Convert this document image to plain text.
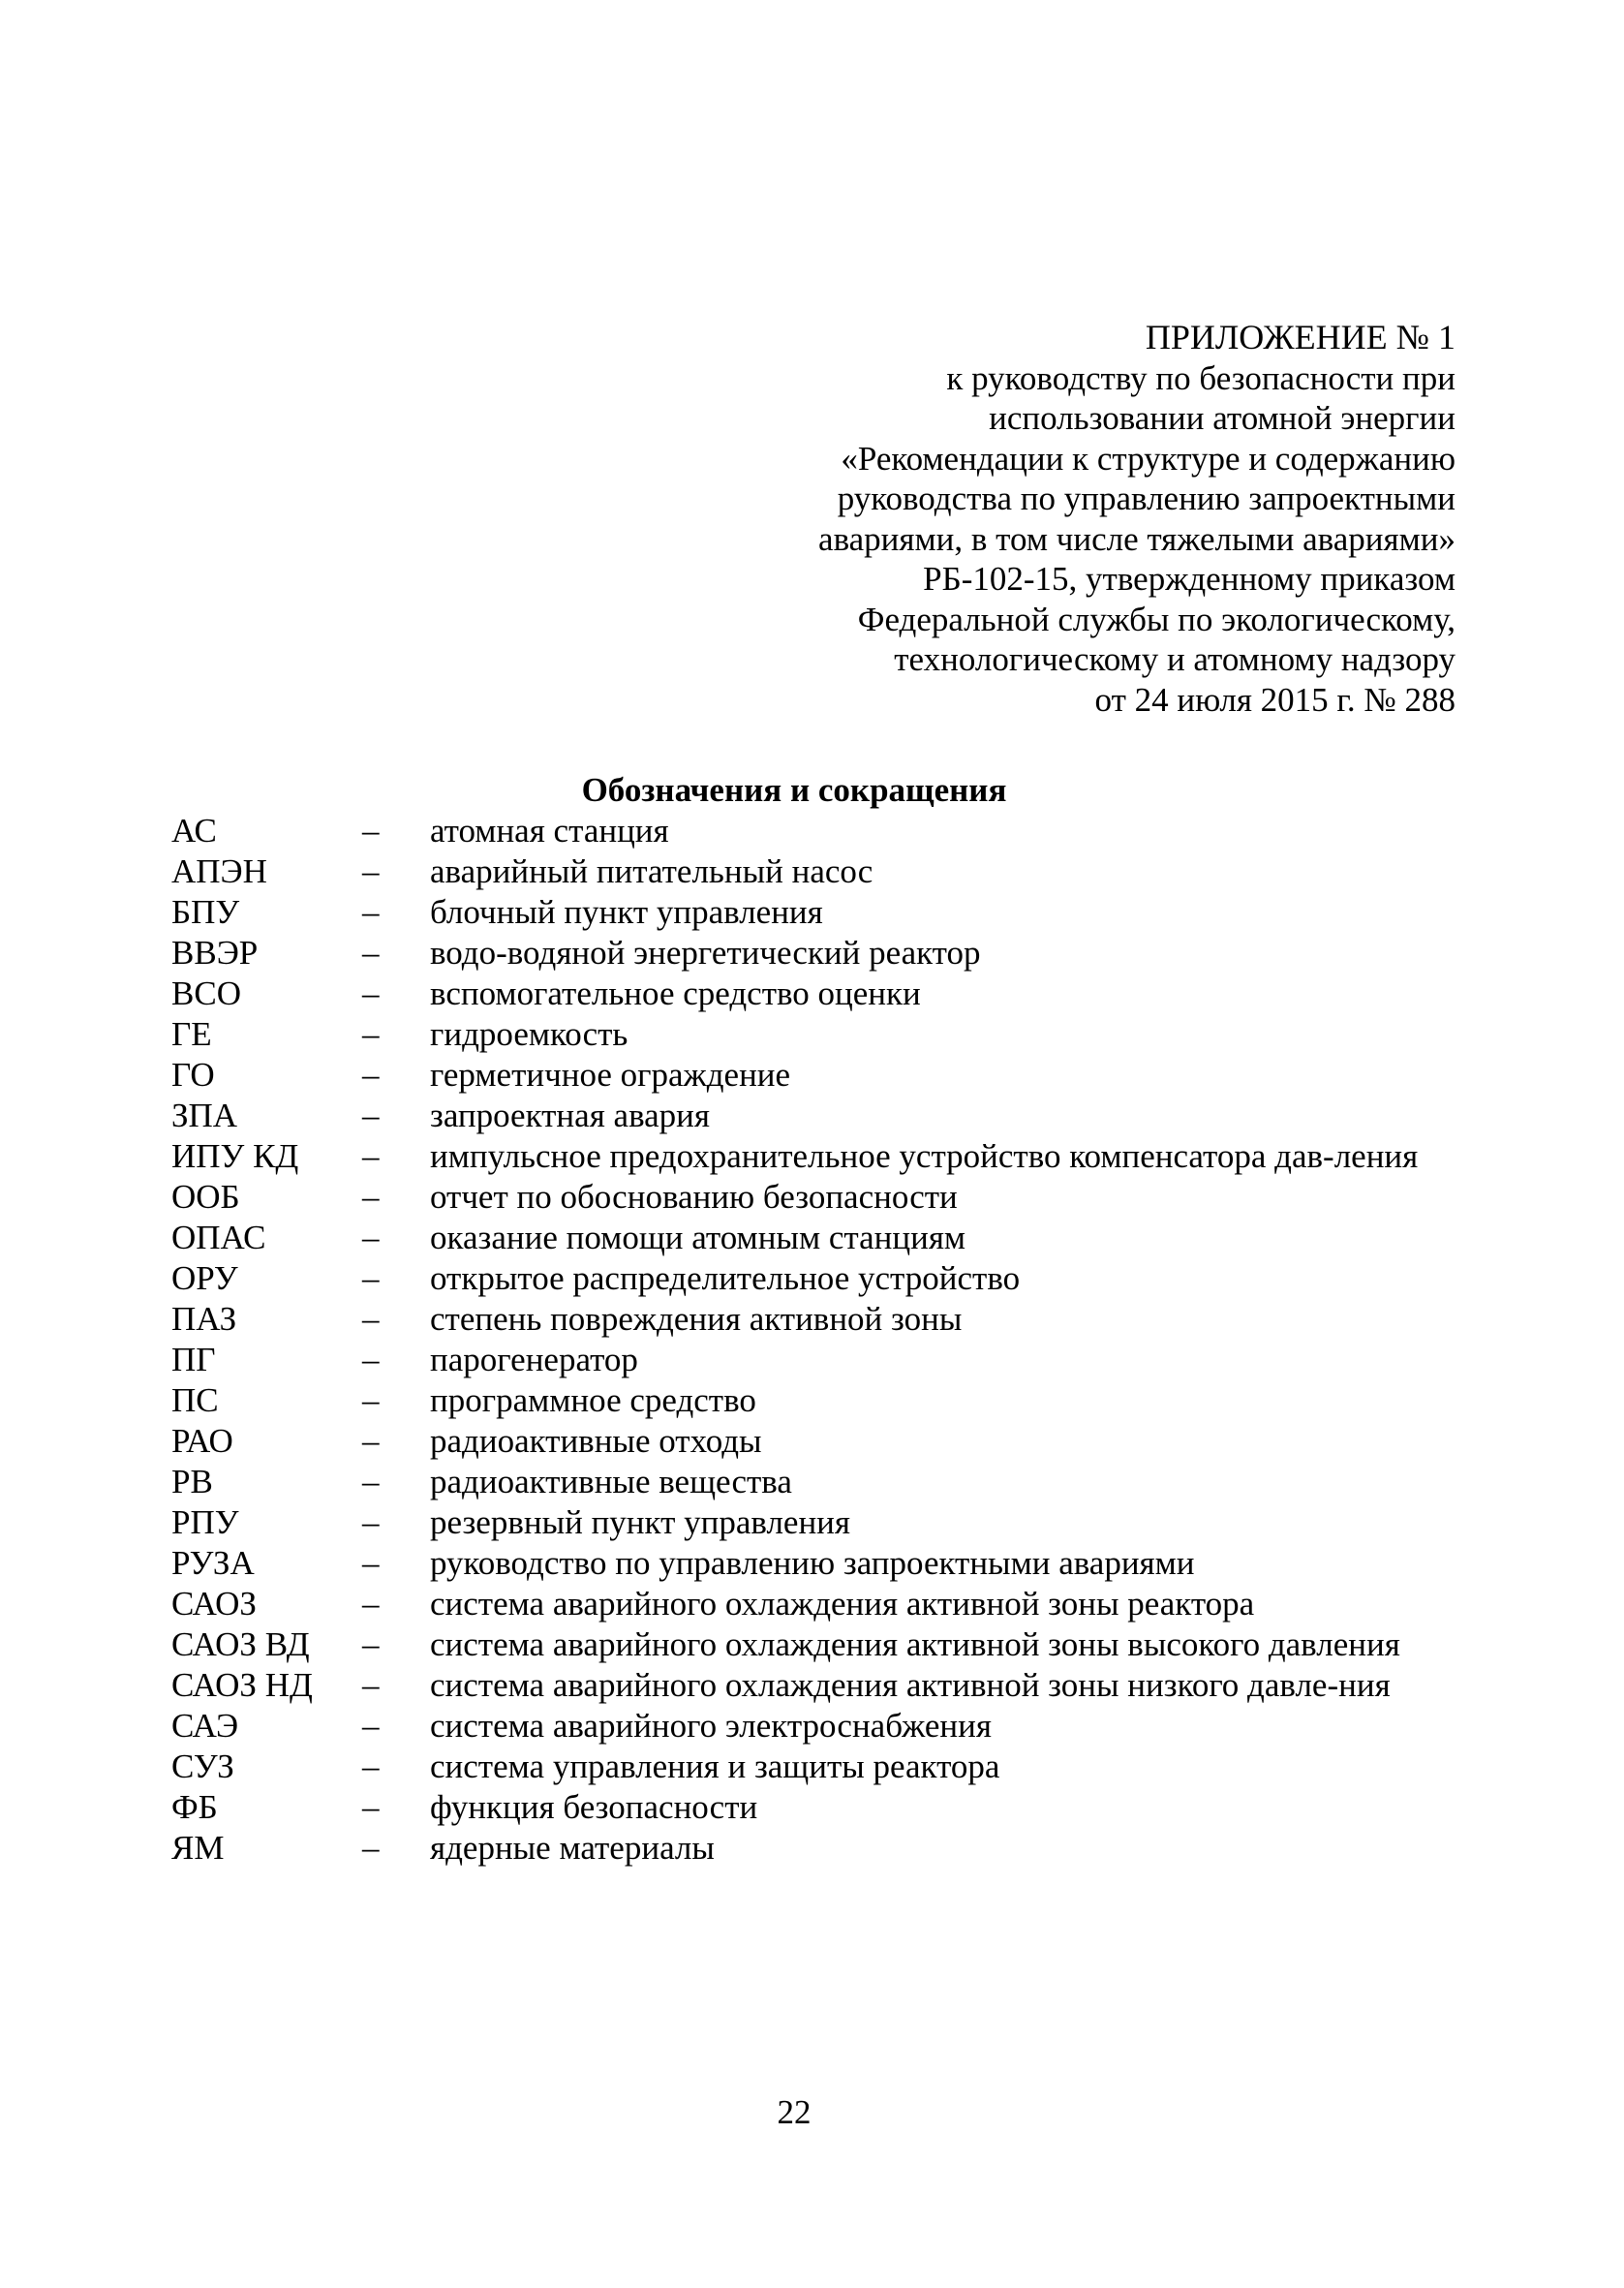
ПРИЛОЖЕНИЕ № 1
к руководству по безопасности при
использовании атомной энергии
«Рекомендации к структуре и содержанию
руководства по управлению запроектными
авариями, в том числе тяжелыми авариями»
РБ-102-15, утвержденному приказом
Федеральной службы по экологическому,
технологическому и атомному надзору
от 24 июля 2015 г. № 288
Обозначения и сокращения
АС	–	атомная станция
АПЭН	–	аварийный питательный насос
БПУ	–	блочный пункт управления
ВВЭР	–	водо-водяной энергетический реактор
ВСО	–	вспомогательное средство оценки
ГЕ	–	гидроемкость
ГО	–	герметичное ограждение
ЗПА	–	запроектная авария
ИПУ КД	–	импульсное предохранительное устройство компенсатора дав-ления
ООБ	–	отчет по обоснованию безопасности
ОПАС	–	оказание помощи атомным станциям
ОРУ	–	открытое распределительное устройство
ПАЗ	–	степень повреждения активной зоны
ПГ	–	парогенератор
ПС	–	программное средство
РАО	–	радиоактивные отходы
РВ	–	радиоактивные вещества
РПУ	–	резервный пункт управления
РУЗА	–	руководство по управлению запроектными авариями
САОЗ	–	система аварийного охлаждения активной зоны реактора
САОЗ ВД	–	система аварийного охлаждения активной зоны высокого давления
САОЗ НД	–	система аварийного охлаждения активной зоны низкого давле-ния
САЭ	–	система аварийного электроснабжения
СУЗ	–	система управления и защиты реактора
ФБ	–	функция безопасности
ЯМ	–	ядерные материалы
22
